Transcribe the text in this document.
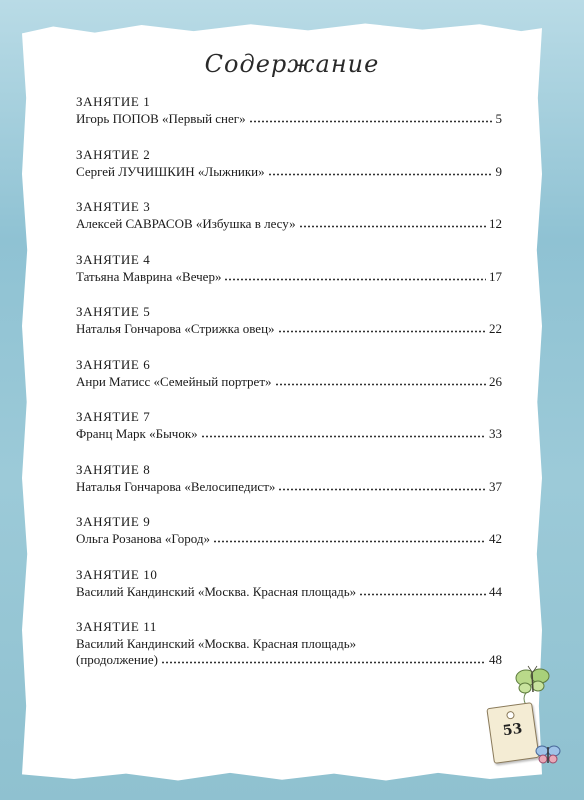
Содержание
ЗАНЯТИЕ 1
Игорь ПОПОВ «Первый снег»	5
ЗАНЯТИЕ 2
Сергей ЛУЧИШКИН «Лыжники»	9
ЗАНЯТИЕ 3
Алексей САВРАСОВ «Избушка в лесу»	12
ЗАНЯТИЕ 4
Татьяна Маврина «Вечер»	17
ЗАНЯТИЕ 5
Наталья Гончарова «Стрижка овец»	22
ЗАНЯТИЕ 6
Анри Матисс «Семейный портрет»	26
ЗАНЯТИЕ 7
Франц Марк «Бычок»	33
ЗАНЯТИЕ 8
Наталья Гончарова «Велосипедист»	37
ЗАНЯТИЕ 9
Ольга Розанова «Город»	42
ЗАНЯТИЕ 10
Василий Кандинский «Москва. Красная площадь»	44
ЗАНЯТИЕ 11
Василий Кандинский «Москва. Красная площадь»
(продолжение)	48
53
